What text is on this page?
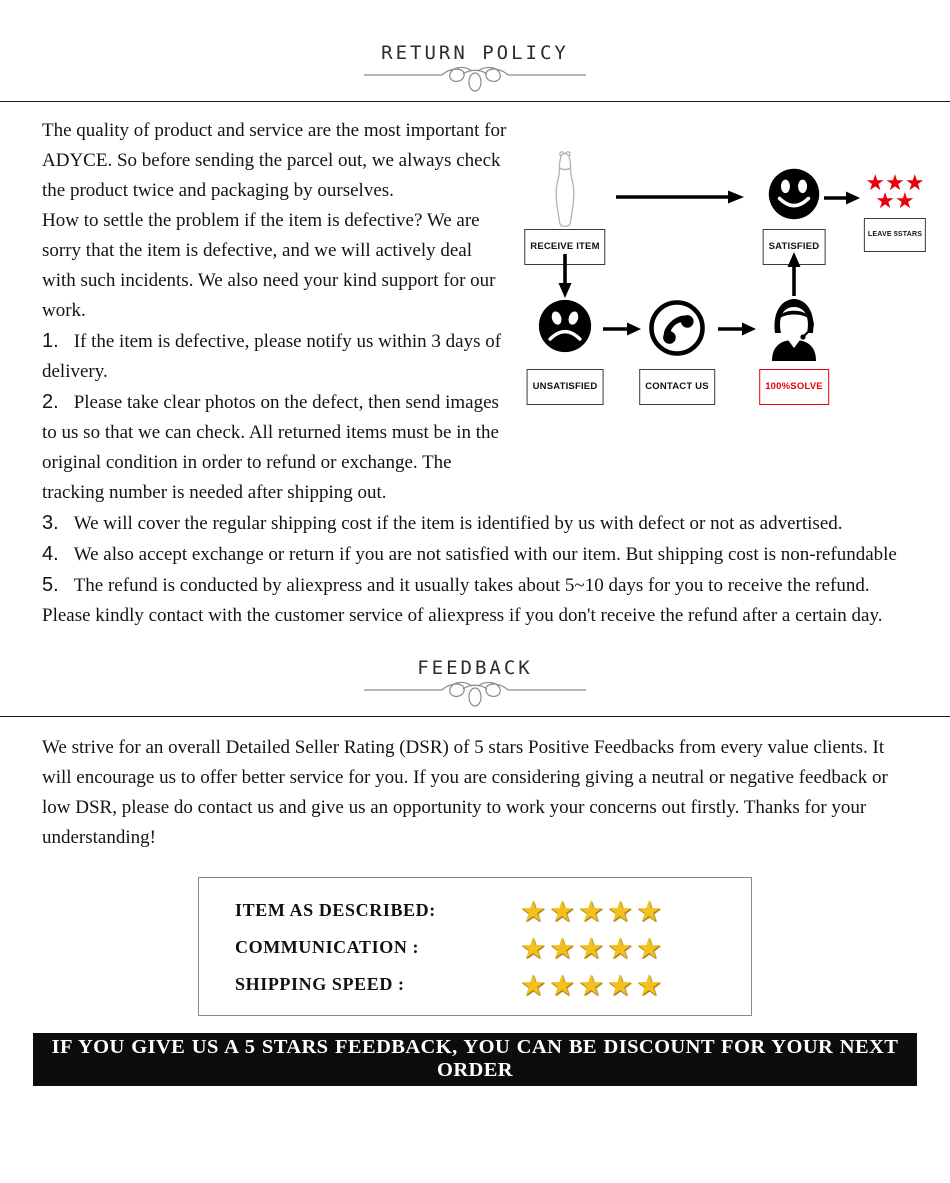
RETURN POLICY
RECEIVE ITEM	SATISFIED
★★★
★★
LEAVE 5STARS
UNSATISFIED	CONTACT US	100%SOLVE

The quality of product and service are the most important for ADYCE. So before sending the parcel out, we always check the product twice and packaging by ourselves.

How to settle the problem if the item is defective? We are sorry that the item is defective, and we will actively deal with such incidents. We also need your kind support for our work.

1. If the item is defective, please notify us within 3 days of delivery.

2. Please take clear photos on the defect, then send images to us so that we can check. All returned items must be in the original condition in order to refund or exchange. The tracking number is needed after shipping out.

3. We will cover the regular shipping cost if the item is identified by us with defect or not as advertised.

4. We also accept exchange or return if you are not satisfied with our item. But shipping cost is non-refundable

5. The refund is conducted by aliexpress and it usually takes about 5~10 days for you to receive the refund. Please kindly contact with the customer service of aliexpress if you don't receive the refund after a certain day.

FEEDBACK

We strive for an overall Detailed Seller Rating (DSR) of 5 stars Positive Feedbacks from every value clients. It will encourage us to offer better service for you. If you are considering giving a neutral or negative feedback or low DSR, please do contact us and give us an opportunity to work your concerns out firstly. Thanks for your understanding!

ITEM AS DESCRIBED:	★★★★★
COMMUNICATION :	★★★★★
SHIPPING SPEED :	★★★★★
IF YOU GIVE US A 5 STARS FEEDBACK, YOU CAN BE DISCOUNT FOR YOUR NEXT ORDER
